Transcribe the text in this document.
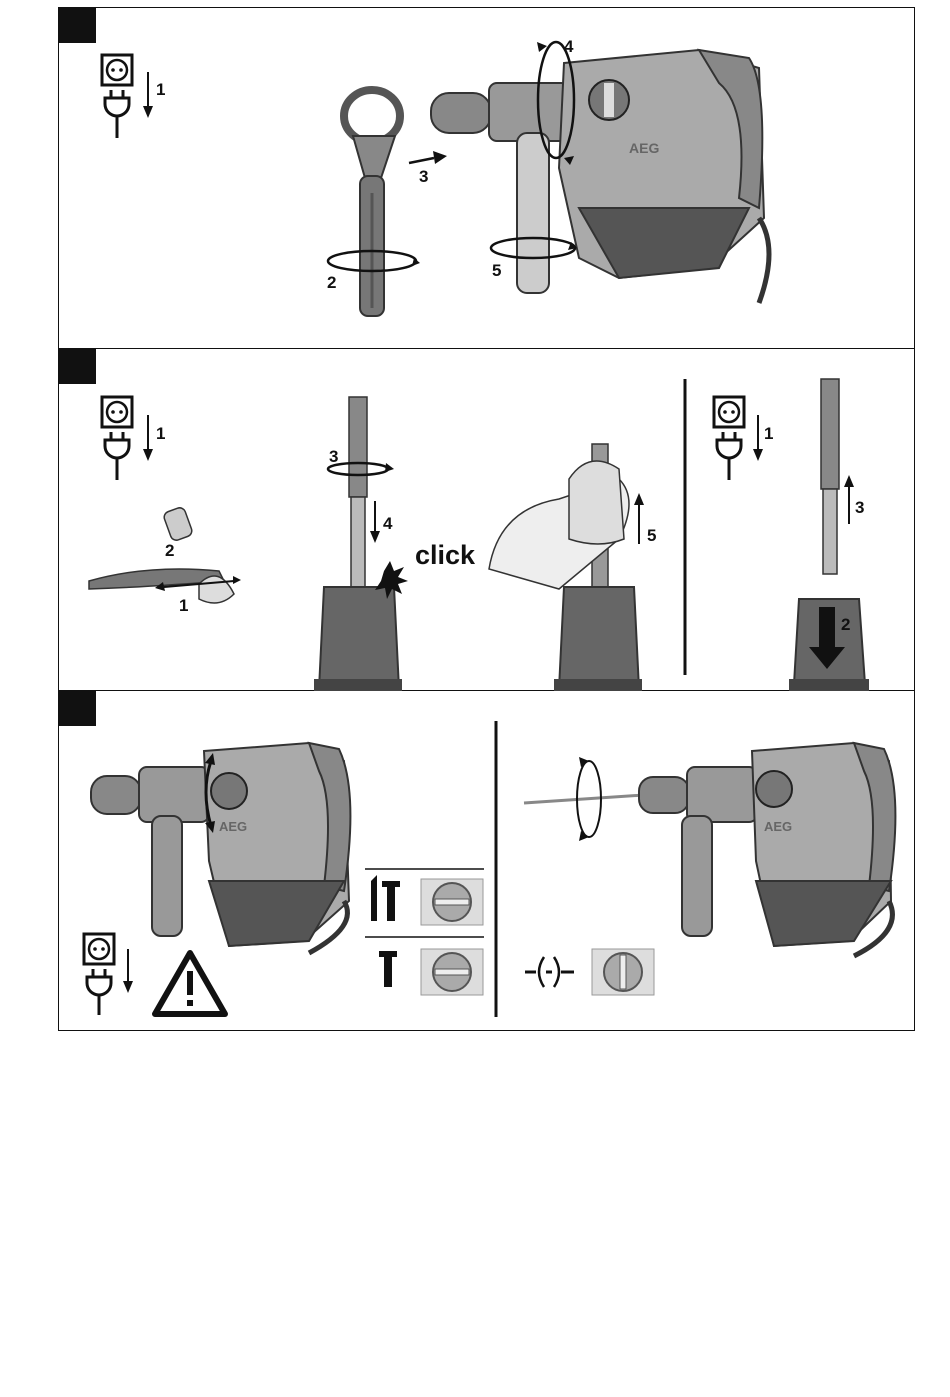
1
2
3
AEG
4
5
1
2
1
3
4
click
5
1
2
3
AEG	AEG
